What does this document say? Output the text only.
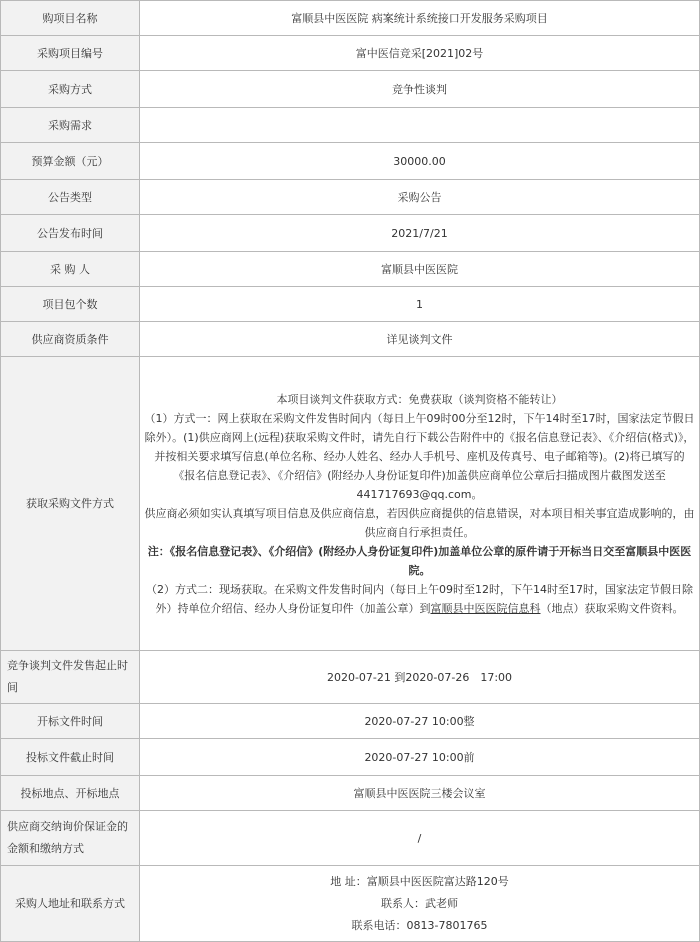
购项目名称	富顺县中医医院 病案统计系统接口开发服务采购项目
采购项目编号	富中医信竞采[2021]02号
采购方式	竞争性谈判
采购需求	
预算金额（元）	30000.00
公告类型	采购公告
公告发布时间	2021/7/21
采 购 人	富顺县中医医院
项目包个数	1
供应商资质条件	详见谈判文件
获取采购文件方式	本项目谈判文件获取方式：免费获取（谈判资格不能转让）

（1）方式一：网上获取在采购文件发售时间内（每日上午09时00分至12时，下午14时至17时，国家法定节假日除外）。(1)供应商网上(远程)获取采购文件时，请先自行下载公告附件中的《报名信息登记表》、《介绍信(格式)》，并按相关要求填写信息(单位名称、经办人姓名、经办人手机号、座机及传真号、电子邮箱等)。(2)将已填写的《报名信息登记表》、《介绍信》(附经办人身份证复印件)加盖供应商单位公章后扫描成图片截图发送至441717693@qq.com。

供应商必须如实认真填写项目信息及供应商信息，若因供应商提供的信息错误，对本项目相关事宜造成影响的，由供应商自行承担责任。

注：《报名信息登记表》、《介绍信》(附经办人身份证复印件)加盖单位公章的原件请于开标当日交至富顺县中医医院。

（2）方式二：现场获取。在采购文件发售时间内（每日上午09时至12时，下午14时至17时，国家法定节假日除外）持单位介绍信、经办人身份证复印件（加盖公章）到富顺县中医医院信息科（地点）获取采购文件资料。

竞争谈判文件发售起止时间	2020-07-21 到2020-07-26　17:00
开标文件时间	2020-07-27 10:00整
投标文件截止时间	2020-07-27 10:00前
投标地点、开标地点	富顺县中医医院三楼会议室
供应商交纳询价保证金的金额和缴纳方式	/
采购人地址和联系方式	地 址：富顺县中医医院富达路120号

联系人：武老师

联系电话：0813-7801765
